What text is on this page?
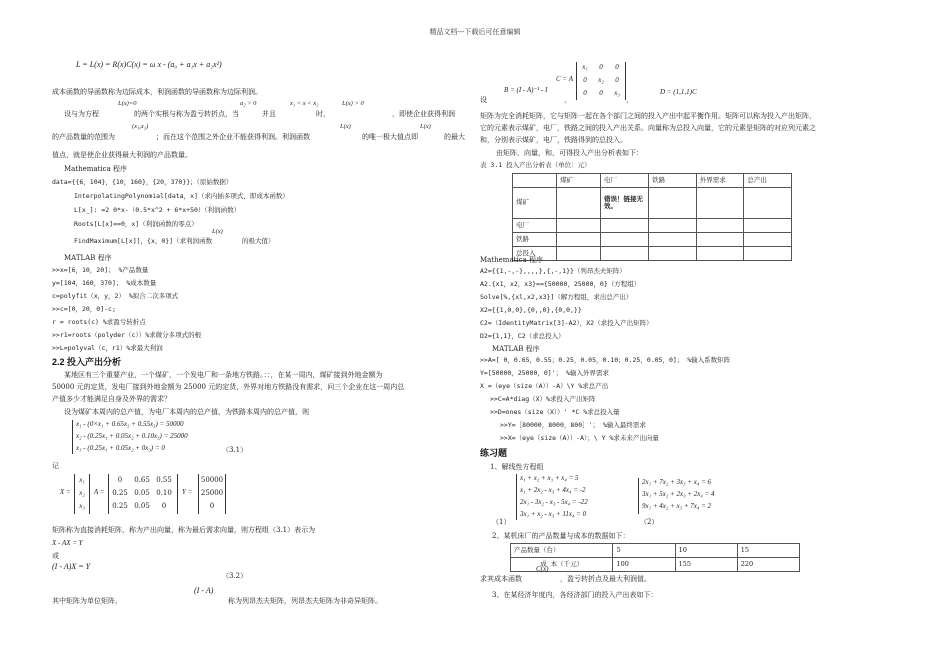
精品文档---下载后可任意编辑
L = L(x) = R(x)C(x) = ω x - (a₀ + a₁x + a₂x²)
成本函数的导函数称为边际成本，利润函数的导函数称为边际利润。
L(x)=0	a₂ > 0	x₁ < x < x₂	L(x) > 0
设与为方程	的两个实根与称为盈亏转折点，当	并且	时，	，即使企业获得利润
(x₁,x₂)	L(x)	L(x)
的产品数量的范围为	；而在这个范围之外企业不能获得利润。利润函数	的唯一极大值点即	的最大
值点，就是使企业获得最大利润的产品数量。
Mathematica 程序
data={{6，104}，{10，160}，{20，370}}；（原始数据）
InterpolatingPolynomial[data，x]（求内插多项式，即成本函数）
L[x_]: =2 0*x-（0.5*x^2 + 6*x+50）（利润函数）
Roots[L[x]==0，x]（利润函数的零点）
L(x)
FindMaximum[L[x]]，{x，0}]（求利润函数	的极大值）
MATLAB 程序
>>x=[6，10，20]； %产品数量
y=[104，160，370]； %成本数量
c=polyfit（x，y，2） %拟合二次多项式
>>c=[0，20，0]-c;
r = roots(c) %求盈亏转折点
>>r1=roots（polyder（c））%求微分多项式的根
>>L=polyval（c，r1）%求最大利润
2.2 投入产出分析
某地区有三个重要产业，一个煤矿，一个发电厂和一条地方铁路。：：，在某一周内，煤矿接到外地金额为
50000 元的定货，发电厂接到外地金额为 25000 元的定货，外界对地方铁路没有需求，问三个企业在这一周内总
产值多少才能满足自身及外界的需求？
设为煤矿本周内的总产值，为电厂本周内的总产值，为铁路本周内的总产值，则
x₁ - (0×x₁ + 0.65x₂ + 0.55x₃) = 50000
x₂ - (0.25x₁ + 0.05x₂ + 0.10x₃) = 25000
x₃ - (0.25x₁ + 0.05x₂ + 0x₃) = 0	（3.1）
记
X =
x₁
x₂
x₃
A =
0	0.65 0.55
0.25 0.05 0.10
0.25 0.05	0
Y =
50000
25000
0
矩阵称为直接消耗矩阵，称为产出向量，称为最后需求向量，则方程组（3.1）表示为
X - AX = Y
或
(I - A)X = Y
（3.2）
(I - A)
其中矩阵为单位矩阵，	称为列昂杰夫矩阵，列昂杰夫矩阵为非奇异矩阵。
C = A
x₁	0	0
0	x₂	0
0	0	x₃
B = (I - A)⁻¹ - I	D = (1,1,1)C
设	，	，
矩阵为完全消耗矩阵，它与矩阵一起在各个部门之间的投入产出中起平衡作用。矩阵可以称为投入产出矩阵，
它的元素表示煤矿，电厂，铁路之间的投入产出关系。向量称为总投入向量，它的元素是矩阵的对应列元素之
和，分别表示煤矿，电厂，铁路得到的总投入。
由矩阵，向量，和，可得投入产出分析表如下：
表 3.1 投入产出分析表（单位：元）
	煤矿	电厂	铁路	外界需求	总产出
煤矿		错误！链接无效。			
电厂					
铁路					
总投入					
Mathematica 程序
A2={{1,-,-},,,,},{,-,1}}（列昂杰夫矩阵）
A2.{x1，x2，x3}=={50000，25000，0}（方程组）
Solve[%,{xl,x2,x3}]（解方程组，求出总产出）
X2={{1,0,0},{0,,0},{0,0,}}
C2=（IdentityMatrix[3]-A2），X2（求投入产出矩阵）
D2={1,1}，C2（求总投入）
MATLAB 程序
>>A=[ 0，0.65，0.55；0.25，0.05，0.10；0.25，0.05，0]； %输入系数矩阵
Y=[50000，25000，0]'； %输入外界需求
X =（eye（size（A））-A）\Y %求总产出
>>C=A*diag（X）%求投入产出矩阵
>>D=ones（size（X））' *C %求总投入量
>>Y=［80000，8000，800］'； %输入最终需求
>>X=（eye（size（A））-A）；\ Y %求未来产出向量
练习题
1、解线性方程组
x₁ + x₂ + x₃ + x₄ = 5
x₁ + 2x₂ - x₃ + 4x₄ = -2
2x₁ - 3x₂ - x₃ - 5x₄ = -22
3x₁ + x₂ - x₃ + 11x₄ = 0
2x₁ + 7x₂ + 3x₃ + x₄ = 6
3x₁ + 5x₂ + 2x₃ + 2x₄ = 4
9x₁ + 4x₂ + x₃ + 7x₄ = 2
（1）	（2）
2、某机床厂的产品数量与成本的数据如下：
产品数量（台）	5	10	15
成 本（千元）	100	155	220
C(x)
求其成本函数	，盈亏转折点及最大利润值。
3、在某经济年度内，各经济部门的投入产出表如下：
